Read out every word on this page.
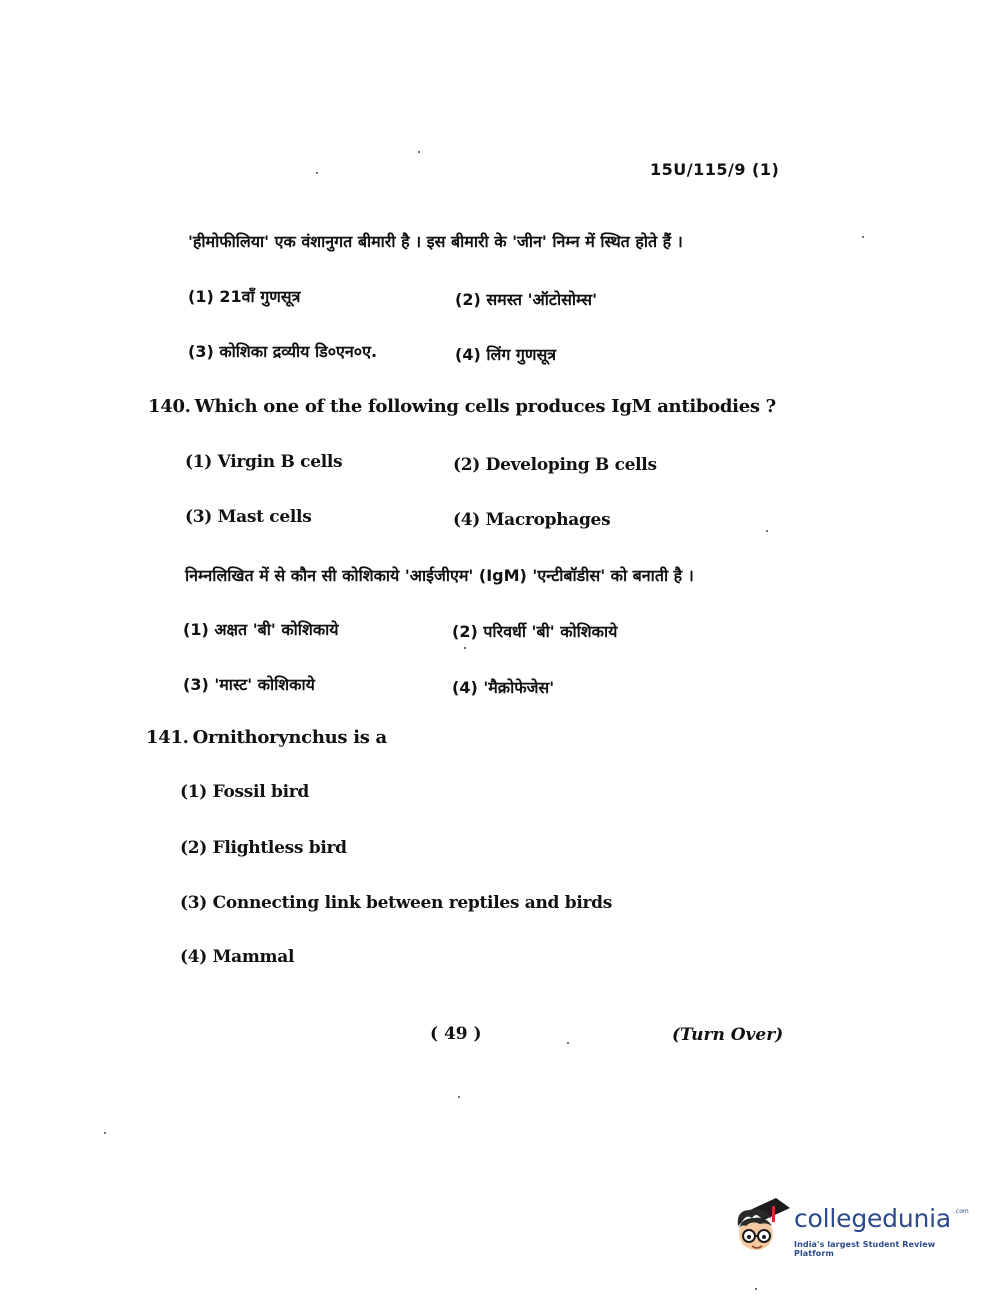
15U/115/9 (1)
'हीमोफीलिया' एक वंशानुगत बीमारी है । इस बीमारी के 'जीन' निम्न में स्थित होते हैं ।
(1) 21वाँ गुणसूत्र	(2) समस्त 'ऑटोसोम्स'
(3) कोशिका द्रव्यीय डि०एन०ए.	(4) लिंग गुणसूत्र
140. Which one of the following cells produces IgM antibodies ?
(1) Virgin B cells	(2) Developing B cells
(3) Mast cells	(4) Macrophages
निम्नलिखित में से कौन सी कोशिकाये 'आईजीएम' (IgM) 'एन्टीबॉडीस' को बनाती है ।
(1) अक्षत 'बी' कोशिकाये	(2) परिवर्धी 'बी' कोशिकाये
(3) 'मास्ट' कोशिकाये	(4) 'मैक्रोफेजेस'
141. Ornithorynchus is a
(1) Fossil bird
(2) Flightless bird
(3) Connecting link between reptiles and birds
(4) Mammal
( 49 )	(Turn Over)
collegedunia .com
India's largest Student Review Platform
